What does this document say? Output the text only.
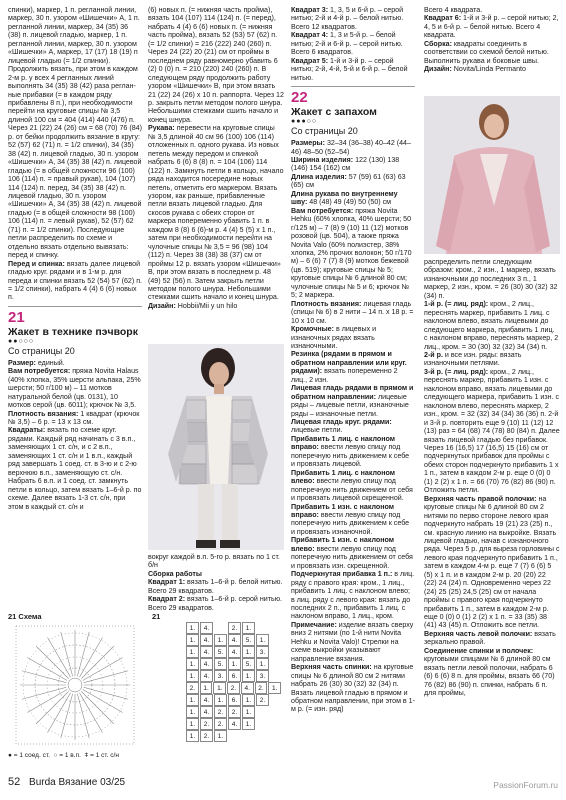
спинки), маркер, 1 п. регланной линии, маркер, 30 п. узором «Шишечки» А, 1 п. регланной линии, маркер, 34 (35) 36 (38) п. лицевой гладью, маркер, 1 п. регланной линии, маркер, 30 п. узором «Шишечки» А, маркер, 17 (17) 18 (19) п лицевой гладью (= 1/2 спинки). Продолжить вязать, при этом в каждом 2-м р. у всех 4 регланных линий выполнять 34 (35) 38 (42) раза регланные прибавки (= в каждом ряду прибавлены 8 п.), при необходимости перейти на круговые спицы № 3,5 длиной 100 см = 404 (414) 440 (476) п. Через 21 (22) 24 (26) см = 68 (70) 76 (84) р. от бейки продолжить вязание в кругу: 52 (57) 62 (71) п. = 1/2 спинки), 34 (35) 38 (42) п. лицевой гладью, 30 п. узором «Шишечки» А, 34 (35) 38 (42) п. лицевой гладью (= в общей сложности 96 (100) 106 (114) п. = правый рукав), 104 (107) 114 (124) п. перед, 34 (35) 38 (42) п. лицевой гладью, 30 п. узором «Шишечки» А, 34 (35) 38 (42) п. лицевой гладью (= в общей сложности 98 (100) 106 (114) п. = левый рукав), 52 (57) 62 (71) п. = 1/2 спинки). Последующие петли распределить по схеме и отдельно вязать отдельно вывязать: перед и спинку.

Перед и спинка: вязать далее лицевой гладью круг. рядами и в 1-м р. для переда и спинки вязать 52 (54) 57 (62) п. = 1/2 спинки), набрать 4 (4) 6 (6) новых п.

21
Жакет в технике пэчворк
●●○○○
Со страницы 20

Размер: единый.

Вам потребуется: пряжа Novita Halaus (40% хлопка, 35% шерсти альпака, 25% шерсти; 50 г/100 м) – 11 мотков натуральной белой (цв. 0131), 10 мотков серой (цв. 6011); крючок № 3,5.

Плотность вязания: 1 квадрат (крючок № 3,5) – 6 р. = 13 х 13 см.

Квадраты: вязать по схеме круг. рядами. Каждый ряд начинать с 3 в.п., заменяющих 1 ст. с/н, и с 2 в.п., заменяющих 1 ст. с/н и 1 в.п., каждый ряд завершать 1 соед. ст. в 3-ю и с 2-ю верхнюю в.п., заменяющую ст. с/н. Набрать 6 в.п. и 1 соед. ст. замкнуть петли в кольцо, затем вязать 1–6-й р. по схеме. Далее вязать 1-3 ст. с/н, при этом в каждый ст. с/н и

(6) новых п. (= нижняя часть пройма), вязать 104 (107) 114 (124) п. (= перед), набрать 4 (4) 6 (6) новых п. (= нижняя часть пройма), вязать 52 (53) 57 (62) п. (= 1/2 спинки) = 216 (222) 240 (260) п. Через 24 (22) 20 (21) см от проймы в последнем ряду равномерно убавить 6 (2) 0 (0) п. = 210 (220) 240 (260) п. В следующем ряду продолжить работу узором «Шишечки» В, при этом вязать 21 (22) 24 (26) х 10 п. раппорта. Через 12 р. закрыть петли методом полого шнура. Небольшими стежками сшить начало и конец шнура.

Рукава: перевести на круговые спицы № 3,5 длиной 40 см 96 (100) 106 (114) отложенных п. одного рукава. Из новых петель между передом и спинкой набрать 6 (6) 8 (8) п. = 104 (106) 114 (122) п. Замкнуть петли в кольцо, начало ряда находится посередине новых петель, отметить его маркером. Вязать узором, как раньше, прибавленные петли вязать лицевой гладью. Для скосов рукава с обеих сторон от маркера попеременно убавить 1 п. в каждом 8 (8) 6 (6)-м р. 4 (4) 5 (5) х 1 п., затем при необходимости перейти на чулочные спицы № 3,5 = 96 (98) 104 (112) п. Через 38 (38) 38 (37) см от проймы 12 р. вязать узором «Шишечки» В, при этом вязать в последнем р. 48 (49) 52 (56) п. Затем закрыть петли методом полого шнура. Небольшими стежками сшить начало и конец шнура.

Дизайн: Hobbii/Mii y un hilo

вокруг каждой в.п. 5-го р. вязать по 1 ст. б/н

Сборка работы

Квадрат 1: вязать 1–6-й р. белой нитью. Всего 29 квадратов.

Квадрат 2: вязать 1–6-й р. серой нитью. Всего 29 квадратов.

Квадрат 3: 1, 3, 5 и 6-й р. – серой нитью; 2-й и 4-й р. – белой нитью. Всего 12 квадратов.

Квадрат 4: 1, 3 и 5-й р. – белой нитью; 2-й и 6-й р. – серой нитью. Всего 6 квадратов.

Квадрат 5: 1-й и 3-й р. – серой нитью; 2-й, 4-й, 5-й и 6-й р. – белой нитью.

22
Жакет с запахом
●●●○○
Со страницы 20

Размеры: 32–34 (36–38) 40–42 (44–46) 48–50 (52–54)

Ширина изделия: 122 (130) 138 (146) 154 (162) см

Длина изделия: 57 (59) 61 (63) 63 (65) см

Длина рукава по внутреннему шву: 48 (48) 49 (49) 50 (50) см

Вам потребуется: пряжа Novita Hehku (60% хлопка, 40% шерсти; 50 г/125 м) – 7 (8) 9 (10) 11 (12) мотков розовой (цв. 504), а также пряжа Novita Valo (60% полиэстер, 38% хлопка, 2% прочих волокон; 50 г/170 м) – 6 (6) 7 (7) 8 (9) мотков бежевой (цв. 519); круговые спицы № 5; круговые спицы № 6 длиной 80 см; чулочные спицы № 5 и 6; крючок № 5; 2 маркера.

Плотность вязания: лицевая гладь (спицы № 6) в 2 нити – 14 п. х 18 р. = 10 х 10 см.

Кромочные: в лицевых и изнаночных рядах вязать изнаночными.

Резинка (рядами в прямом и обратном направлении или круг. рядами): вязать попеременно 2 лиц., 2 изн.

Лицевая гладь рядами в прямом и обратном направлении: лицевые ряды – лицевые петли, изнаночные ряды – изнаночные петли.

Лицевая гладь круг. рядами: лицевые петли.

Прибавить 1 лиц. с наклоном вправо: ввести левую спицу под поперечную нить движением к себе и провязать лицевой.

Прибавить 1 лиц. с наклоном влево: ввести левую спицу под поперечную нить движением от себя и провязать лицевой скрещенной.

Прибавить 1 изн. с наклоном вправо: ввести левую спицу под поперечную нить движением к себе и провязать изнаночной.

Прибавить 1 изн. с наклоном влево: ввести левую спицу под поперечную нить движением от себя и провязать изн. скрещенной.

Подчеркнутая прибавка 1 п.: в лиц. ряду с правого края: кром., 1 лиц., прибавить 1 лиц. с наклоном влево; в лиц. ряду с левого края: вязать до последних 2 п., прибавить 1 лиц. с наклоном вправо, 1 лиц., кром.

Примечание: изделие вязать сверху вниз 2 нитями (по 1-й нити Novita Hehku и Novita Valo)! Стрелки на схеме выкройки указывают направление вязания.

Верхняя часть спинки: на круговые спицы № 6 длиной 80 см 2 нитями набрать 26 (30) 30 (32) 32 (34) п. Вязать лицевой гладью в прямом и обратном направлении, при этом в 1-м р. (= изн. ряд)

Всего 4 квадрата.

Квадрат 6: 1-й и 3-й р. – серой нитью; 2, 4, 5 и 6-й р. – белой нитью. Всего 4 квадрата.

Сборка: квадраты соединить в соответствии со схемой белой нитью. Выполнить рукава и боковые швы.

Дизайн: Novita/Linda Permanto

распределить петли следующим образом: кром., 2 изн., 1 маркер, вязать изнаночными до последних 3 п., 1 маркер, 2 изн., кром. = 26 (30) 30 (32) 32 (34) п.

1-й р. (= лиц. ряд): кром., 2 лиц., переснять маркер, прибавить 1 лиц. с наклоном влево, вязать лицевыми до следующего маркера, прибавить 1 лиц. с наклоном вправо, переснять маркер, 2 лиц., кром. = 30 (30) 32 (32) 34 (34) п.

2-й р. и все изн. ряды: вязать изнаночными петлями.

3-й р. (= лиц. ряд): кром., 2 лиц., переснять маркер, прибавить 1 изн. с наклоном вправо, вязать лицевыми до следующего маркера, прибавить 1 изн. с наклоном влево, переснять маркер, 2 изн., кром. = 32 (32) 34 (34) 36 (36) п. 2-й и 3-й р. повторить еще 9 (10) 11 (12) 12 (13) раз = 64 (68) 74 (78) 80 (84) п. Далее вязать лицевой гладью без прибавок. Через 16 (16,5) 17 (16,5) 15 (16) см от подчеркнутых прибавок для проймы с обеих сторон подчеркнуто прибавить 1 х 1 п., затем в каждом 2-м р. еще 0 (0) 0 (1) 2 (2) х 1 п. = 66 (70) 76 (82) 86 (90) п. Отложить петли.

Верхняя часть правой полочки: на круговые спицы № 6 длиной 80 см 2 нитями по перво стороне левого края подчеркнуто набрать 19 (21) 23 (25) п., см. красную линию на выкройке. Вязать лицевой гладью, начав с изнаночного ряда. Через 5 р. для выреза горловины с левого края подчеркнуто прибавить 1 п., затем в каждом 4-м р. еще 7 (7) 6 (6) 5 (5) х 1 п. и в каждом 2-м р. 20 (20) 22 (22) 24 (24) п. Одновременно через 22 (24) 25 (25) 24,5 (25) см от начала проймы с правого края подчеркнуто прибавить 1 п., затем в каждом 2-м р. еще 0 (0) 0 (1) 2 (2) х 1 п. = 33 (35) 38 (41) 43 (45) п. Отложить все петли.

Верхняя часть левой полочки: вязать зеркально правой.

Соединение спинки и полочек: круговыми спицами № 6 длиной 80 см вязать петли левой полочки, набрать 6 (6) 6 (6) 8 п. для проймы, вязать 66 (70) 76 (82) 86 (90) п. спинки, набрать 6 п. для проймы,

21 Схема
● = 1 соед. ст. ○ = 1 в.п. ǂ = 1 ст. с/н
21
1.	4.	2.	1.
1.	4.	1.	4.	5.	1.
1.	4.	5.	4.	1.	3.
1.	4.	5.	1.	5.	1.
1.	4.	3.	6.	1.	3.
2.	1.	1.	2.	4.	2.	1.
1.	4.	1.	6.	1.	2.
1.	4.	2.	2.	1.
1.	2.	2.	4.	1.
1.	2.	1.
52 Burda Вязание 03/25	PassionForum.ru
